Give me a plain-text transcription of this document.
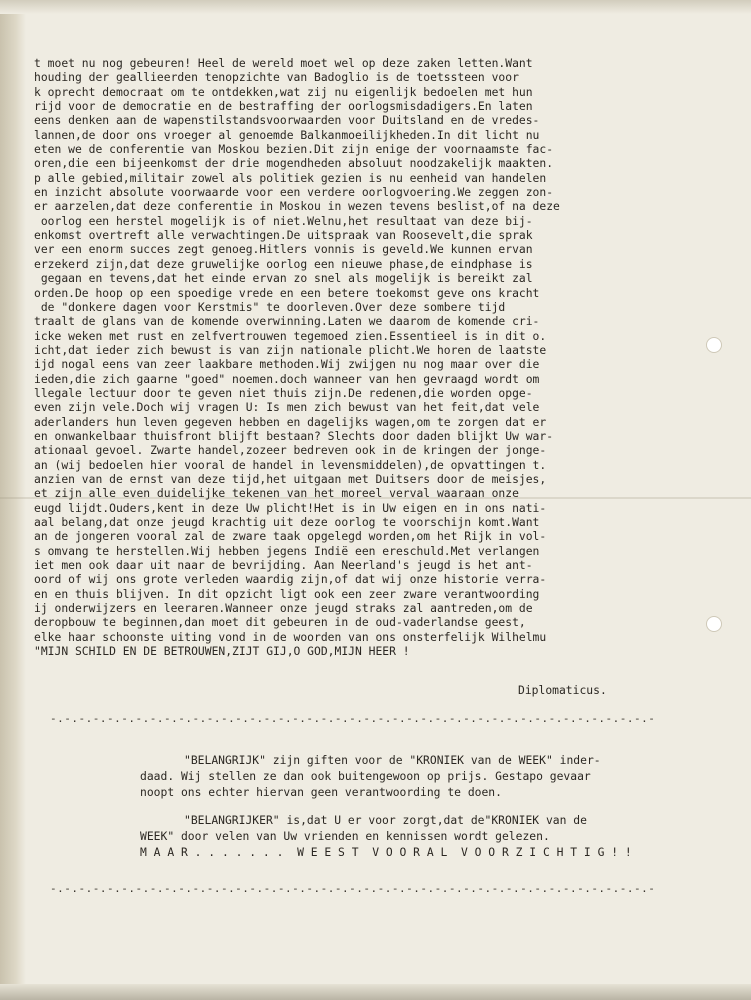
t moet nu nog gebeuren! Heel de wereld moet wel op deze zaken letten.Want
houding der geallieerden tenopzichte van Badoglio is de toetssteen voor
k oprecht democraat om te ontdekken,wat zij nu eigenlijk bedoelen met hun
rijd voor de democratie en de bestraffing der oorlogsmisdadigers.En laten
eens denken aan de wapenstilstandsvoorwaarden voor Duitsland en de vredes-
lannen,de door ons vroeger al genoemde Balkanmoeilijkheden.In dit licht nu
eten we de conferentie van Moskou bezien.Dit zijn enige der voornaamste fac-
oren,die een bijeenkomst der drie mogendheden absoluut noodzakelijk maakten.
p alle gebied,militair zowel als politiek gezien is nu eenheid van handelen
en inzicht absolute voorwaarde voor een verdere oorlogvoering.We zeggen zon-
er aarzelen,dat deze conferentie in Moskou in wezen tevens beslist,of na deze
oorlog een herstel mogelijk is of niet.Welnu,het resultaat van deze bij-
enkomst overtreft alle verwachtingen.De uitspraak van Roosevelt,die sprak
ver een enorm succes zegt genoeg.Hitlers vonnis is geveld.We kunnen ervan
erzekerd zijn,dat deze gruwelijke oorlog een nieuwe phase,de eindphase is
gegaan en tevens,dat het einde ervan zo snel als mogelijk is bereikt zal
orden.De hoop op een spoedige vrede en een betere toekomst geve ons kracht
de "donkere dagen voor Kerstmis" te doorleven.Over deze sombere tijd
traalt de glans van de komende overwinning.Laten we daarom de komende cri-
icke weken met rust en zelfvertrouwen tegemoed zien.Essentieel is in dit o.
icht,dat ieder zich bewust is van zijn nationale plicht.We horen de laatste
ijd nogal eens van zeer laakbare methoden.Wij zwijgen nu nog maar over die
ieden,die zich gaarne "goed" noemen.doch wanneer van hen gevraagd wordt om
llegale lectuur door te geven niet thuis zijn.De redenen,die worden opge-
even zijn vele.Doch wij vragen U: Is men zich bewust van het feit,dat vele
aderlanders hun leven gegeven hebben en dagelijks wagen,om te zorgen dat er
en onwankelbaar thuisfront blijft bestaan? Slechts door daden blijkt Uw war-
ationaal gevoel. Zwarte handel,zozeer bedreven ook in de kringen der jonge-
an (wij bedoelen hier vooral de handel in levensmiddelen),de opvattingen t.
anzien van de ernst van deze tijd,het uitgaan met Duitsers door de meisjes,
et zijn alle even duidelijke tekenen van het moreel verval waaraan onze
eugd lijdt.Ouders,kent in deze Uw plicht!Het is in Uw eigen en in ons nati-
aal belang,dat onze jeugd krachtig uit deze oorlog te voorschijn komt.Want
an de jongeren vooral zal de zware taak opgelegd worden,om het Rijk in vol-
s omvang te herstellen.Wij hebben jegens Indië een ereschuld.Met verlangen
iet men ook daar uit naar de bevrijding. Aan Neerland's jeugd is het ant-
oord of wij ons grote verleden waardig zijn,of dat wij onze historie verra-
en en thuis blijven. In dit opzicht ligt ook een zeer zware verantwoording
ij onderwijzers en leeraren.Wanneer onze jeugd straks zal aantreden,om de
deropbouw te beginnen,dan moet dit gebeuren in de oud-vaderlandse geest,
elke haar schoonste uiting vond in de woorden van ons onsterfelijk Wilhelmu
"MIJN SCHILD EN DE BETROUWEN,ZIJT GIJ,O GOD,MIJN HEER !
Diplomaticus.
-.-.-.-.-.-.-.-.-.-.-.-.-.-.-.-.-.-.-.-.-.-.-.-.-.-.-.-.-.-.-.-.-.-.-.-.-.-.-.-.-.-.-
"BELANGRIJK" zijn giften voor de "KRONIEK van de WEEK" inder-
daad. Wij stellen ze dan ook buitengewoon op prijs. Gestapo gevaar
noopt ons echter hiervan geen verantwoording te doen.
"BELANGRIJKER" is,dat U er voor zorgt,dat de"KRONIEK van de
WEEK" door velen van Uw vrienden en kennissen wordt gelezen.
M A A R . . . . . . .  W E E S T  V O O R A L  V O O R Z I C H T I G ! !
-.-.-.-.-.-.-.-.-.-.-.-.-.-.-.-.-.-.-.-.-.-.-.-.-.-.-.-.-.-.-.-.-.-.-.-.-.-.-.-.-.-.-
